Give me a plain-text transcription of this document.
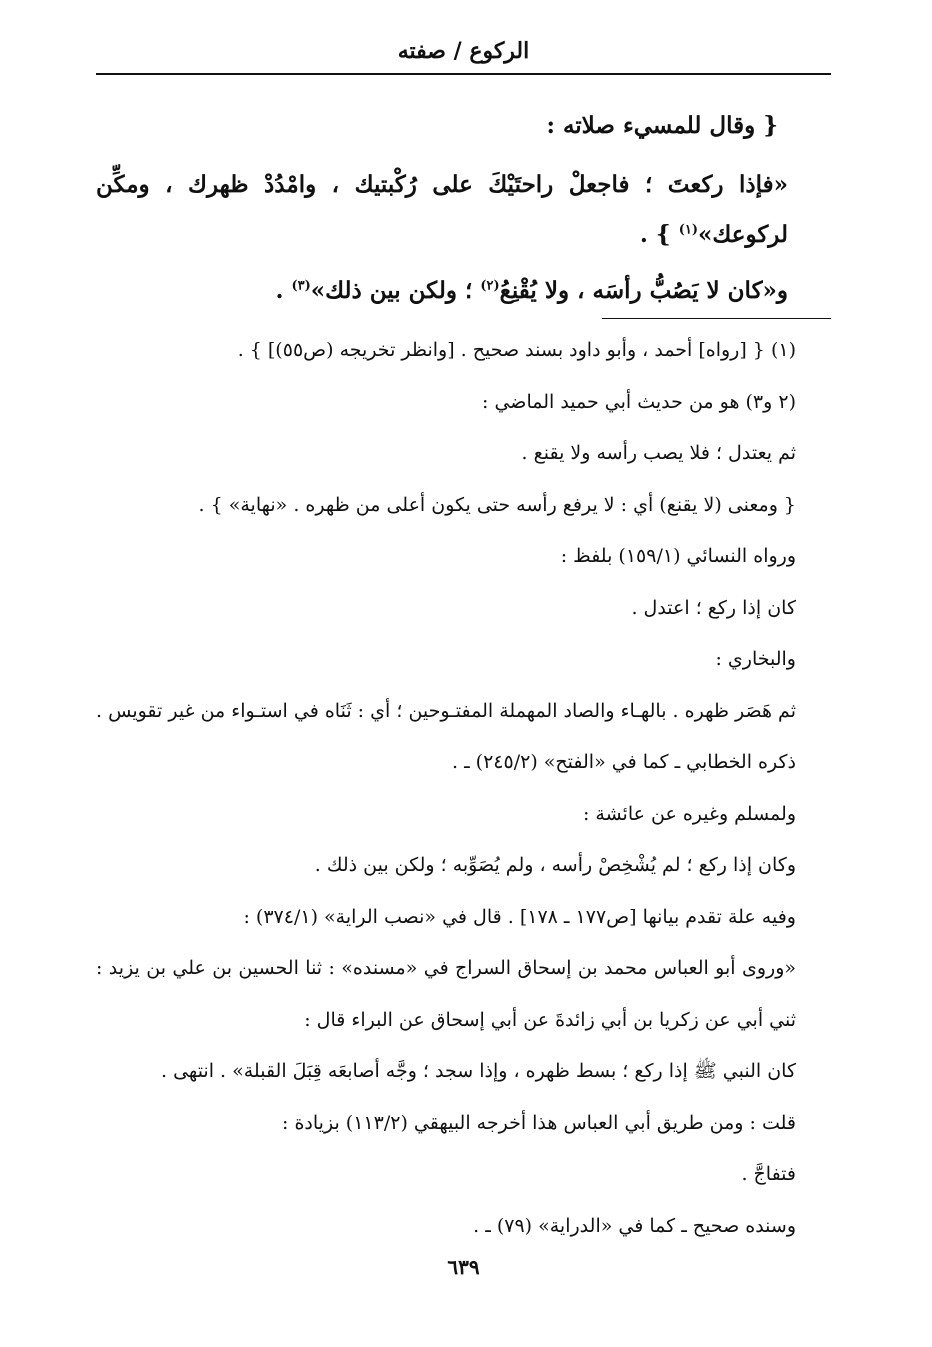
الركوع / صفته
{ وقال للمسيء صلاته :
«فإذا ركعتَ ؛ فاجعلْ راحتَيْكَ على رُكْبتيك ، وامْدُدْ ظهرك ، ومكِّن لركوعك»$^{(١)}$ } .
و«كان لا يَصُبُّ رأسَه ، ولا يُقْنِعُ$^{(٢)}$ ؛ ولكن بين ذلك»$^{(٣)}$ .

(١) { [رواه] أحمد ، وأبو داود بسند صحيح . [وانظر تخريجه (ص٥٥)] } .

(٢ و٣) هو من حديث أبي حميد الماضي :

ثم يعتدل ؛ فلا يصب رأسه ولا يقنع .

{ ومعنى (لا يقنع) أي : لا يرفع رأسه حتى يكون أعلى من ظهره . «نهاية» } .

ورواه النسائي (١٥٩/١) بلفظ :

كان إذا ركع ؛ اعتدل .

والبخاري :

ثم هَصَر ظهره . بالهـاء والصاد المهملة المفتـوحين ؛ أي : ثَنَاه في استـواء من غير تقويس . ذكره الخطابي ـ كما في «الفتح» (٢٤٥/٢) ـ .

ولمسلم وغيره عن عائشة :

وكان إذا ركع ؛ لم يُشْخِصْ رأسه ، ولم يُصَوِّبه ؛ ولكن بين ذلك .

وفيه علة تقدم بيانها [ص١٧٧ ـ ١٧٨] . قال في «نصب الراية» (٣٧٤/١) :

«وروى أبو العباس محمد بن إسحاق السراج في «مسنده» : ثنا الحسين بن علي بن يزيد : ثني أبي عن زكريا بن أبي زائدةَ عن أبي إسحاق عن البراء قال :

كان النبي ﷺ إذا ركع ؛ بسط ظهره ، وإذا سجد ؛ وجَّه أصابعَه قِبَلَ القبلة» . انتهى .

قلت : ومن طريق أبي العباس هذا أخرجه البيهقي (١١٣/٢) بزيادة :

فتفاجَّ .

وسنده صحيح ـ كما في «الدراية» (٧٩) ـ .

٦٣٩
